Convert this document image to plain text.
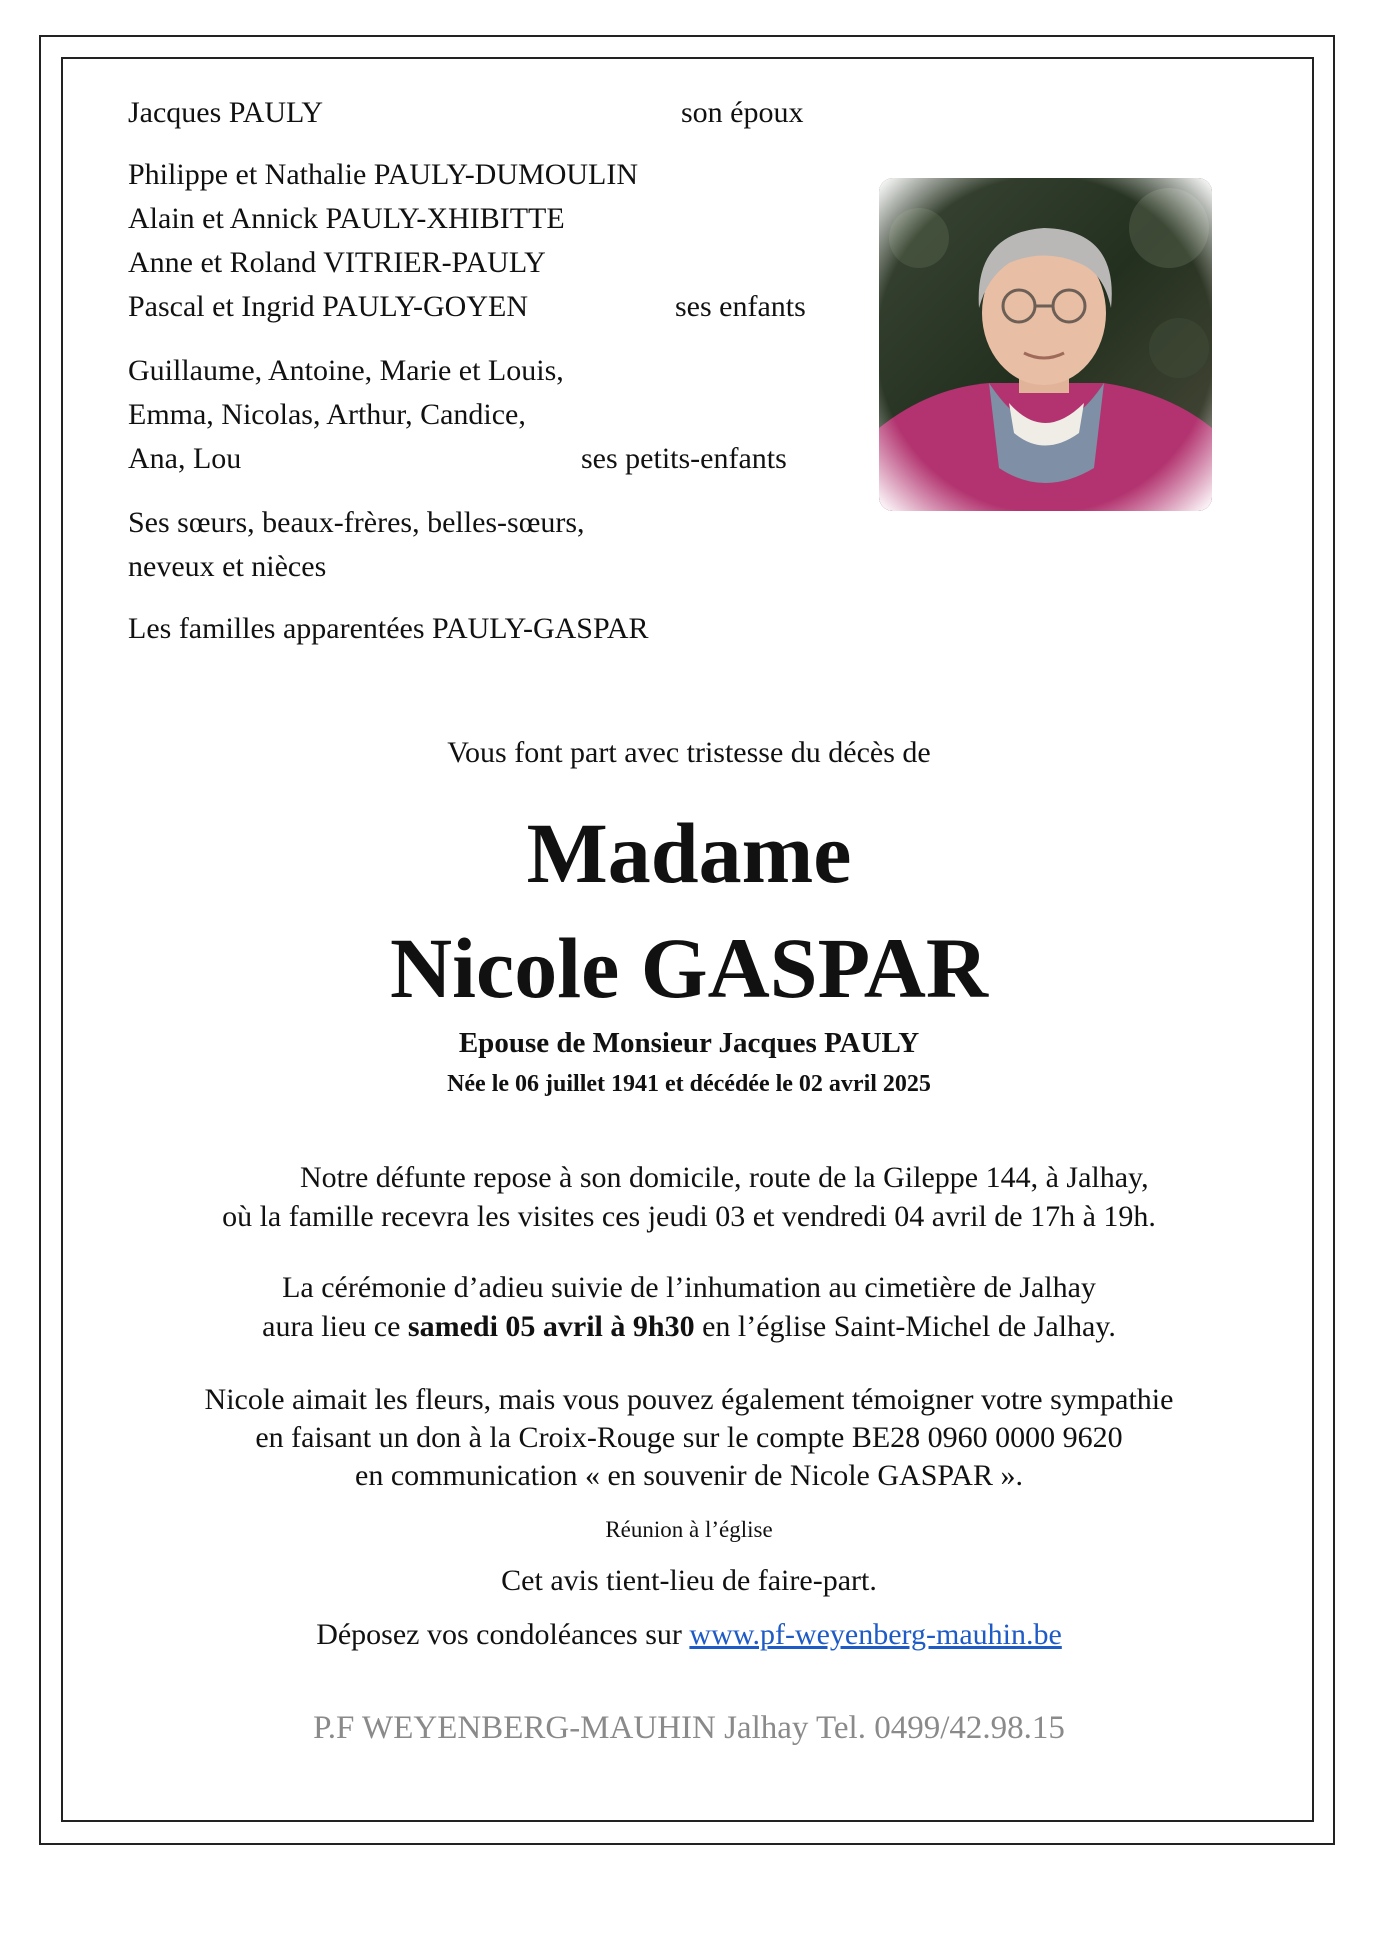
Jacques PAULY	son époux
Philippe et Nathalie PAULY-DUMOULIN
Alain et Annick PAULY-XHIBITTE
Anne et Roland VITRIER-PAULY
Pascal et Ingrid PAULY-GOYEN	ses enfants
Guillaume, Antoine, Marie et Louis,
Emma, Nicolas, Arthur, Candice,
Ana, Lou	ses petits-enfants
Ses sœurs, beaux-frères, belles-sœurs,
neveux et nièces
Les familles apparentées PAULY-GASPAR
Vous font part avec tristesse du décès de
Madame
Nicole GASPAR
Epouse de Monsieur Jacques PAULY
Née le 06 juillet 1941 et décédée le 02 avril 2025
Notre défunte repose à son domicile, route de la Gileppe 144, à Jalhay,
où la famille recevra les visites ces jeudi 03 et vendredi 04 avril de 17h à 19h.
La cérémonie d’adieu suivie de l’inhumation au cimetière de Jalhay
aura lieu ce samedi 05 avril à 9h30 en l’église Saint-Michel de Jalhay.
Nicole aimait les fleurs, mais vous pouvez également témoigner votre sympathie
en faisant un don à la Croix-Rouge sur le compte BE28 0960 0000 9620
en communication « en souvenir de Nicole GASPAR ».
Réunion à l’église
Cet avis tient-lieu de faire-part.
Déposez vos condoléances sur www.pf-weyenberg-mauhin.be
P.F WEYENBERG-MAUHIN Jalhay Tel. 0499/42.98.15
